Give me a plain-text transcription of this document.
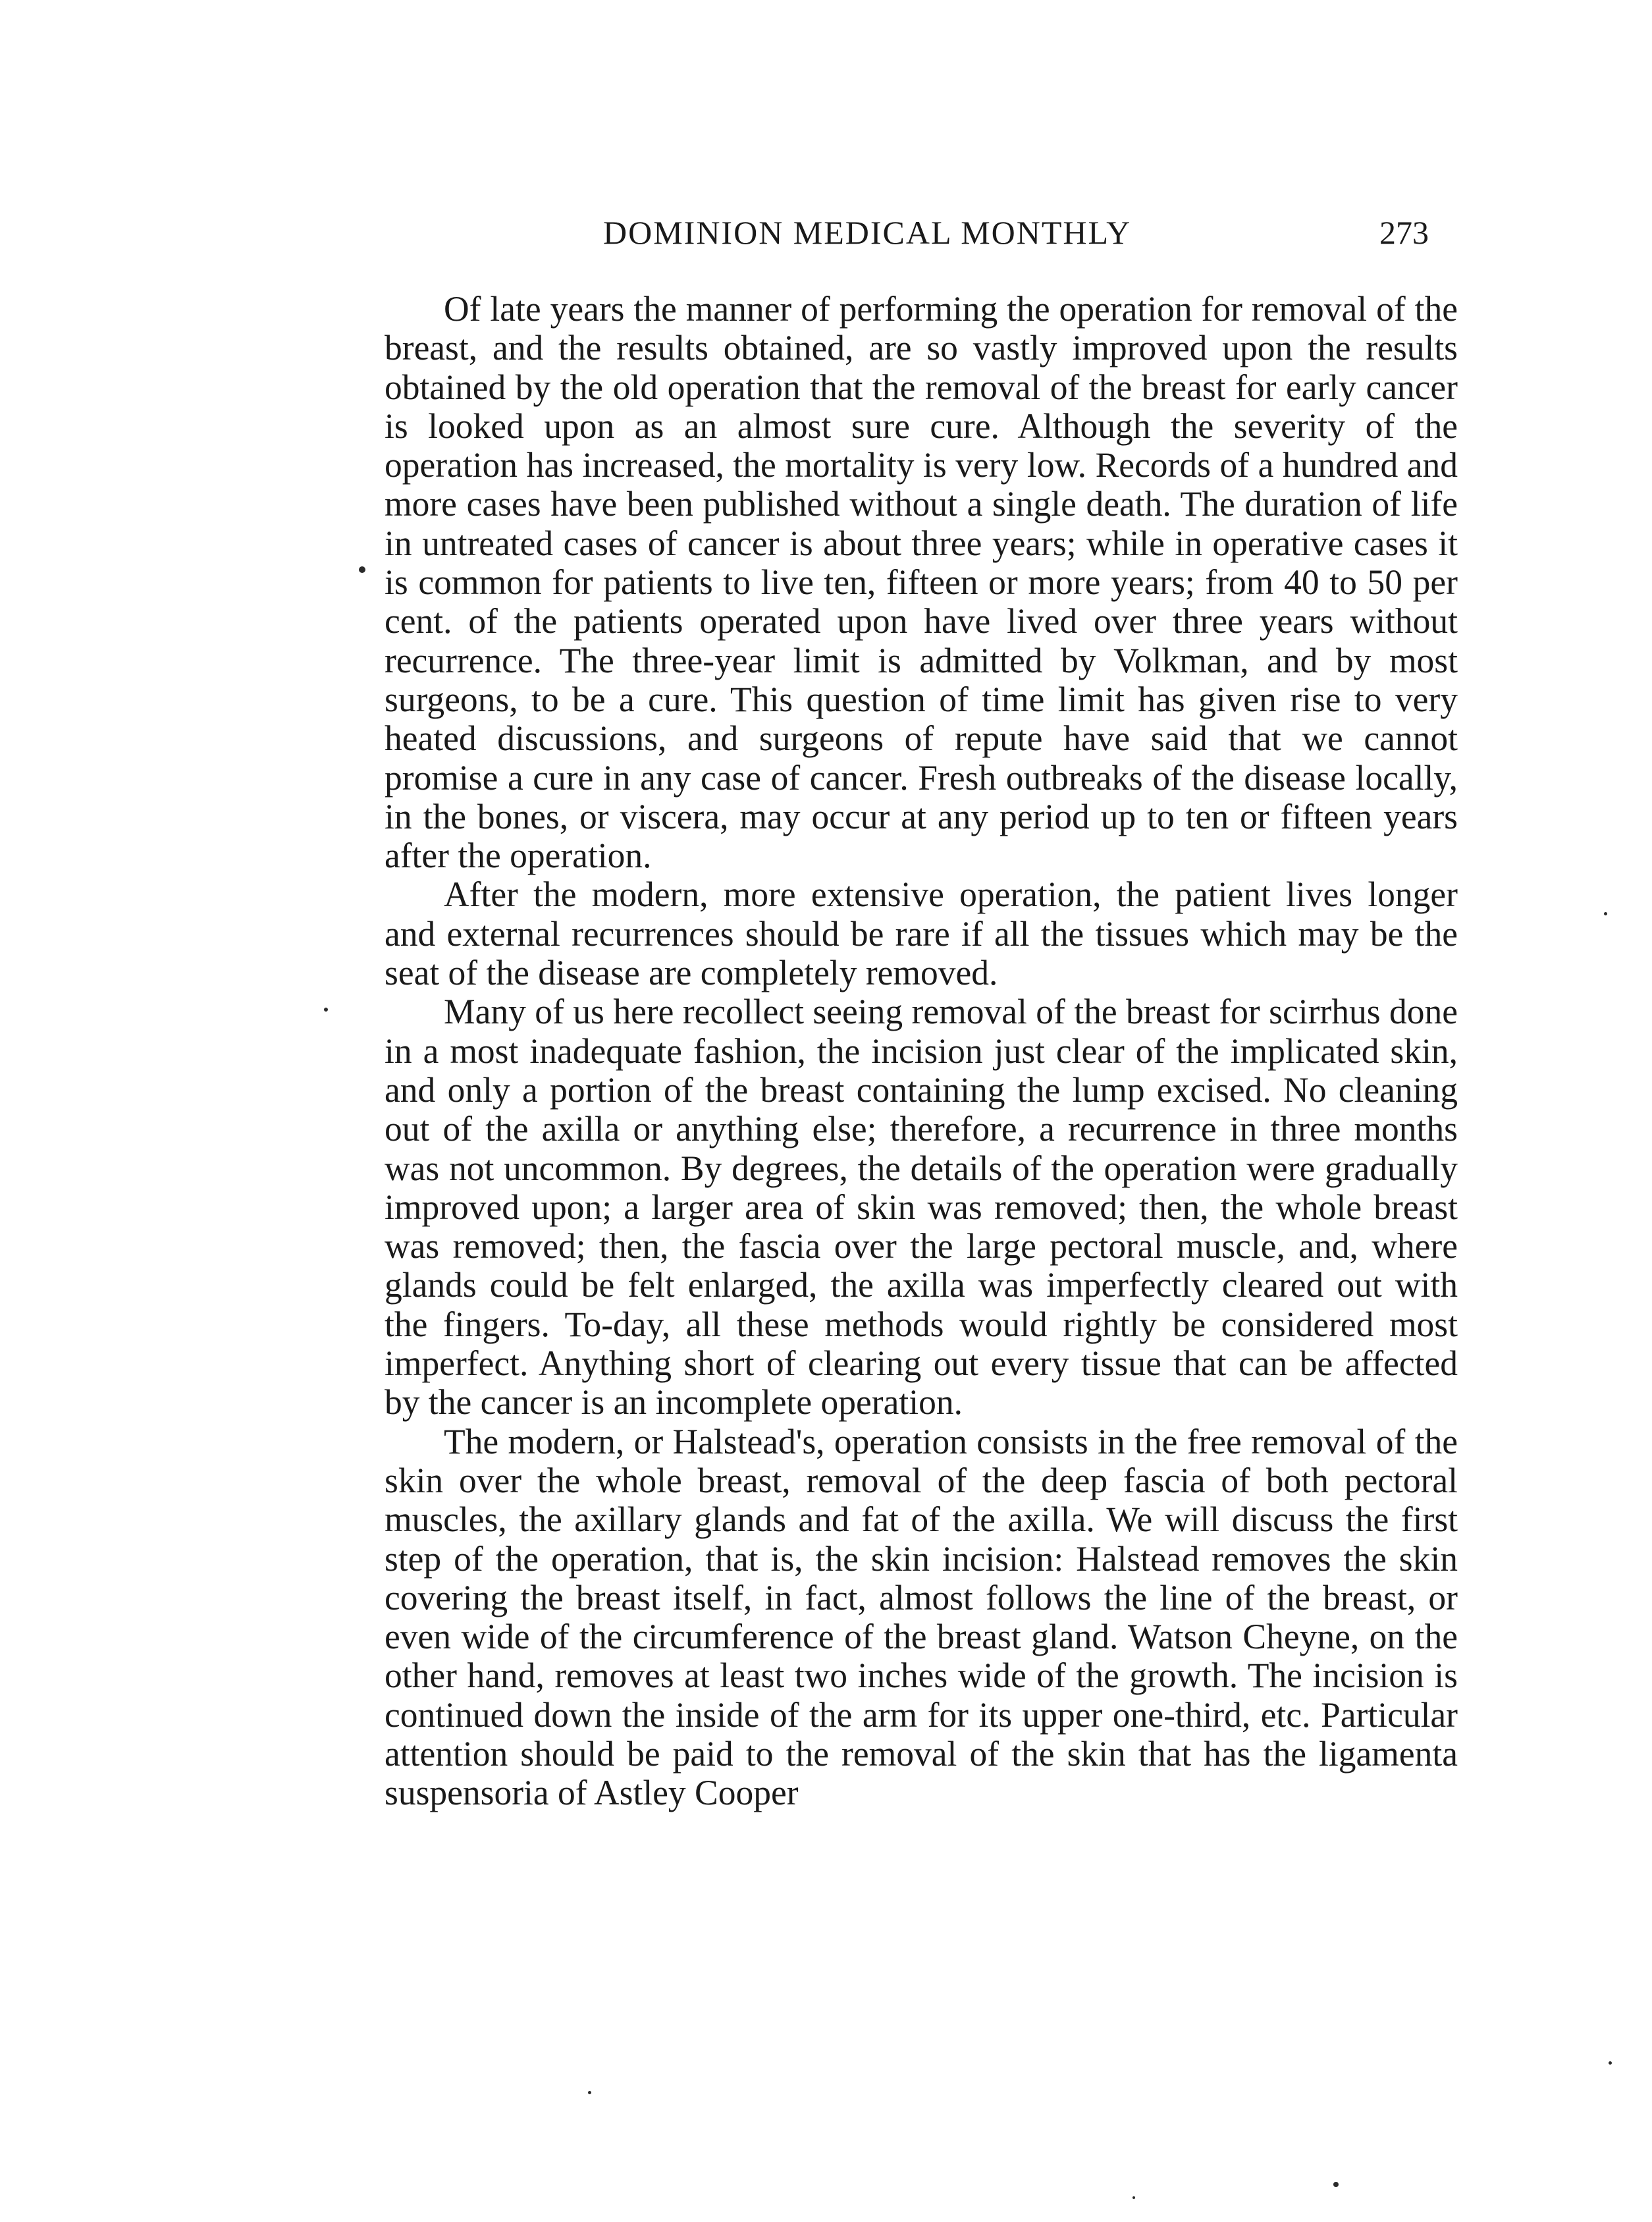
DOMINION MEDICAL MONTHLY	273

Of late years the manner of performing the operation for removal of the breast, and the results obtained, are so vastly improved upon the results obtained by the old operation that the removal of the breast for early cancer is looked upon as an almost sure cure. Although the severity of the operation has increased, the mortality is very low. Records of a hundred and more cases have been published without a single death. The duration of life in untreated cases of cancer is about three years; while in operative cases it is common for patients to live ten, fifteen or more years; from 40 to 50 per cent. of the patients operated upon have lived over three years without recurrence. The three-year limit is admitted by Volkman, and by most surgeons, to be a cure. This question of time limit has given rise to very heated discussions, and surgeons of repute have said that we cannot promise a cure in any case of cancer. Fresh outbreaks of the disease locally, in the bones, or viscera, may occur at any period up to ten or fifteen years after the operation.

After the modern, more extensive operation, the patient lives longer and external recurrences should be rare if all the tissues which may be the seat of the disease are completely removed.

Many of us here recollect seeing removal of the breast for scirrhus done in a most inadequate fashion, the incision just clear of the implicated skin, and only a portion of the breast containing the lump excised. No cleaning out of the axilla or anything else; therefore, a recurrence in three months was not uncommon. By degrees, the details of the operation were gradually improved upon; a larger area of skin was removed; then, the whole breast was removed; then, the fascia over the large pectoral muscle, and, where glands could be felt enlarged, the axilla was imperfectly cleared out with the fingers. To-day, all these methods would rightly be considered most imperfect. Anything short of clearing out every tissue that can be affected by the cancer is an incomplete operation.

The modern, or Halstead's, operation consists in the free removal of the skin over the whole breast, removal of the deep fascia of both pectoral muscles, the axillary glands and fat of the axilla. We will discuss the first step of the operation, that is, the skin incision: Halstead removes the skin covering the breast itself, in fact, almost follows the line of the breast, or even wide of the circumference of the breast gland. Watson Cheyne, on the other hand, removes at least two inches wide of the growth. The incision is continued down the inside of the arm for its upper one-third, etc. Particular attention should be paid to the removal of the skin that has the ligamenta suspensoria of Astley Cooper
